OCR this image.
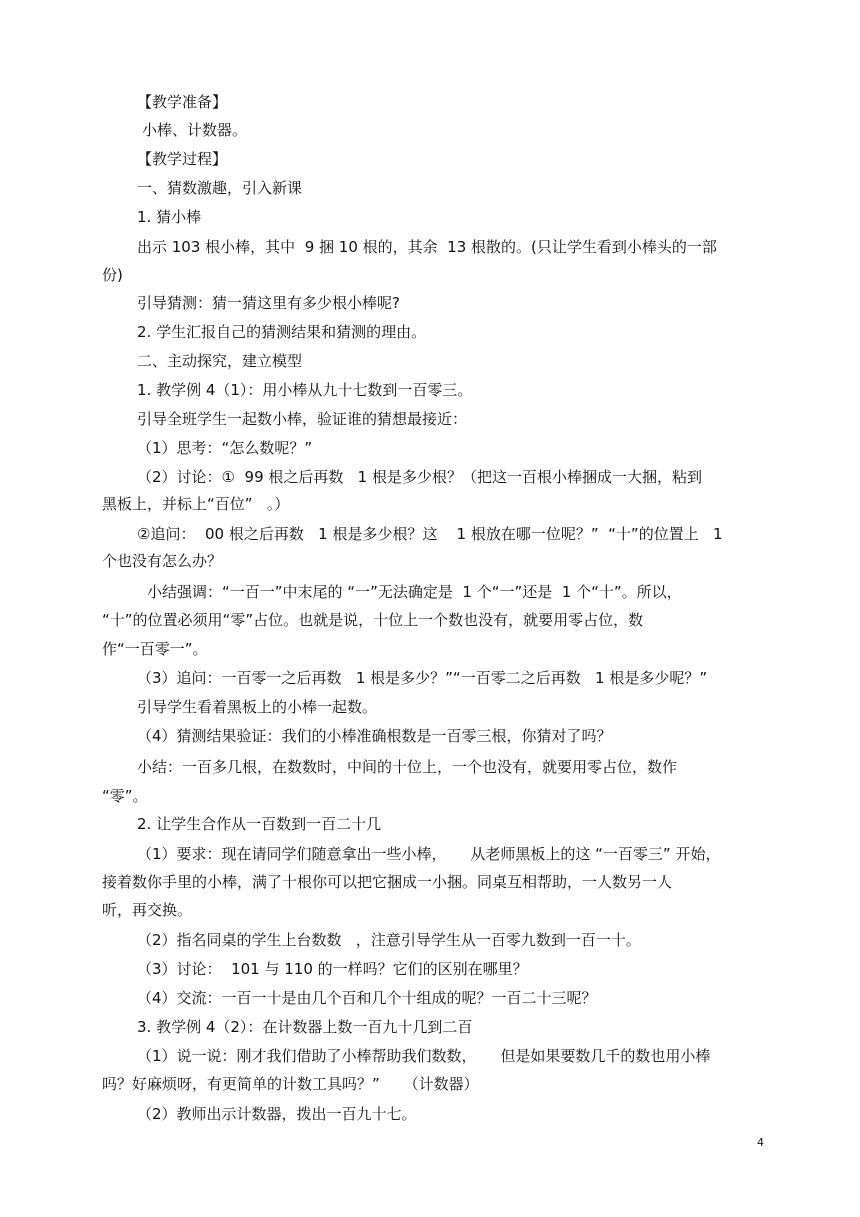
【教学准备】
小棒、计数器。
【教学过程】
一、猜数激趣，引入新课
1. 猜小棒
出示 103 根小棒，其中  9 捆 10 根的，其余  13 根散的。(只让学生看到小棒头的一部
份)
引导猜测：猜一猜这里有多少根小棒呢?
2. 学生汇报自己的猜测结果和猜测的理由。
二、主动探究，建立模型
1. 教学例 4（1）：用小棒从九十七数到一百零三。
引导全班学生一起数小棒，验证谁的猜想最接近：
（1）思考：“怎么数呢？”
（2）讨论：①  99 根之后再数   1 根是多少根？（把这一百根小棒捆成一大捆，粘到
黑板上，并标上“百位”   。）
②追问：  00 根之后再数   1 根是多少根？这    1 根放在哪一位呢？”  “十”的位置上   1
个也没有怎么办？
小结强调：“一百一”中末尾的 “一”无法确定是  1 个“一”还是  1 个“十”。所以，
“十”的位置必须用“零”占位。也就是说，十位上一个数也没有，就要用零占位，数
作“一百零一”。
（3）追问：一百零一之后再数   1 根是多少？”“一百零二之后再数   1 根是多少呢？”
引导学生看着黑板上的小棒一起数。
（4）猜测结果验证：我们的小棒准确根数是一百零三根，你猜对了吗？
小结：一百多几根，在数数时，中间的十位上，一个也没有，就要用零占位，数作
“零”。
2. 让学生合作从一百数到一百二十几
（1）要求：现在请同学们随意拿出一些小棒，     从老师黑板上的这 “一百零三” 开始，
接着数你手里的小棒，满了十根你可以把它捆成一小捆。同桌互相帮助，一人数另一人
听，再交换。
（2）指名同桌的学生上台数数   ，注意引导学生从一百零九数到一百一十。
（3）讨论：  101 与 110 的一样吗？它们的区别在哪里？
（4）交流：一百一十是由几个百和几个十组成的呢？一百二十三呢？
3. 教学例 4（2）：在计数器上数一百九十几到二百
（1）说一说：刚才我们借助了小棒帮助我们数数，     但是如果要数几千的数也用小棒
吗？好麻烦呀，有更简单的计数工具吗？”     （计数器）
（2）教师出示计数器，拨出一百九十七。
4
